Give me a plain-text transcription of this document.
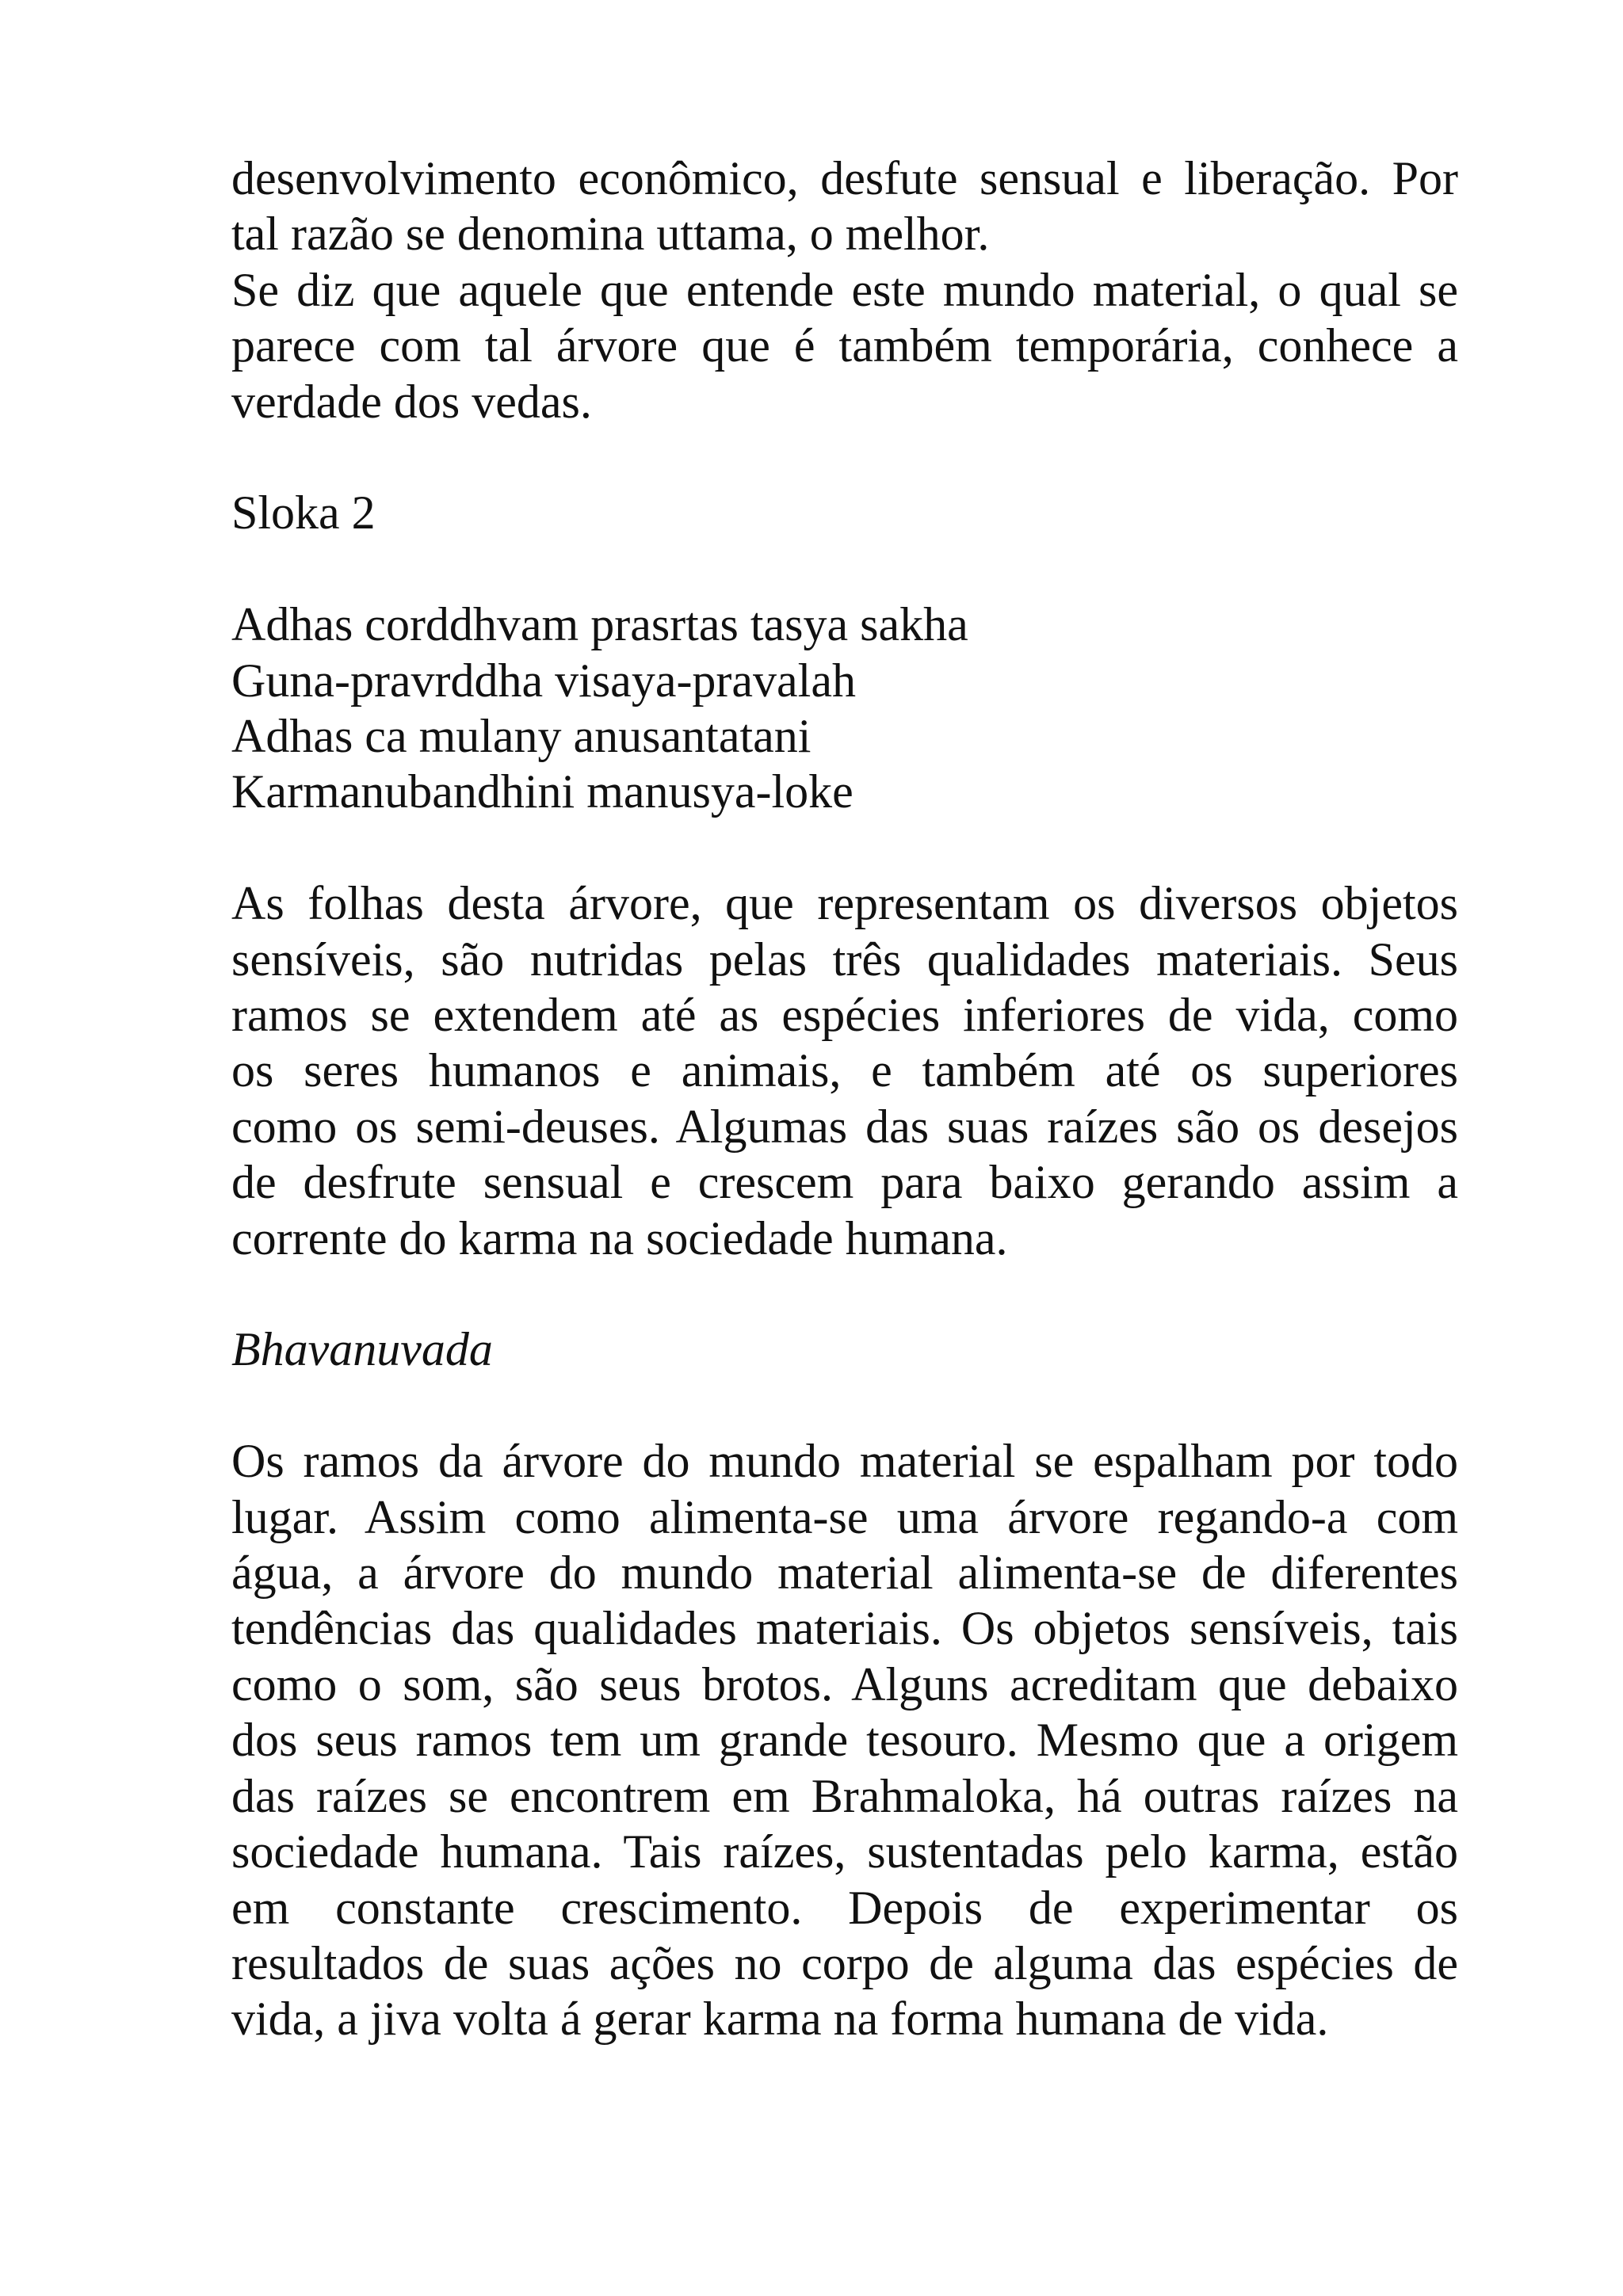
desenvolvimento econômico, desfute sensual e liberação. Por
tal razão se denomina uttama, o melhor.
Se diz que aquele que entende este mundo material, o qual se
parece com tal árvore que é também temporária, conhece a
verdade dos vedas.
Sloka 2
Adhas corddhvam prasrtas tasya sakha
Guna-pravrddha visaya-pravalah
Adhas ca mulany anusantatani
Karmanubandhini manusya-loke
As folhas desta árvore, que representam os diversos objetos
sensíveis, são nutridas pelas três qualidades materiais. Seus
ramos se extendem até as espécies inferiores de vida, como
os seres humanos e animais, e também até os superiores
como os semi-deuses. Algumas das suas raízes são os desejos
de desfrute sensual e crescem para baixo gerando assim a
corrente do karma na sociedade humana.
Bhavanuvada
Os ramos da árvore do mundo material se espalham por todo
lugar. Assim como alimenta-se uma árvore regando-a com
água, a árvore do mundo material alimenta-se de diferentes
tendências das qualidades materiais. Os objetos sensíveis, tais
como o som, são seus brotos. Alguns acreditam que debaixo
dos seus ramos tem um grande tesouro. Mesmo que a origem
das raízes se encontrem em Brahmaloka, há outras raízes na
sociedade humana. Tais raízes, sustentadas pelo karma, estão
em constante crescimento. Depois de experimentar os
resultados de suas ações no corpo de alguma das espécies de
vida, a jiva volta á gerar karma na forma humana de vida.
